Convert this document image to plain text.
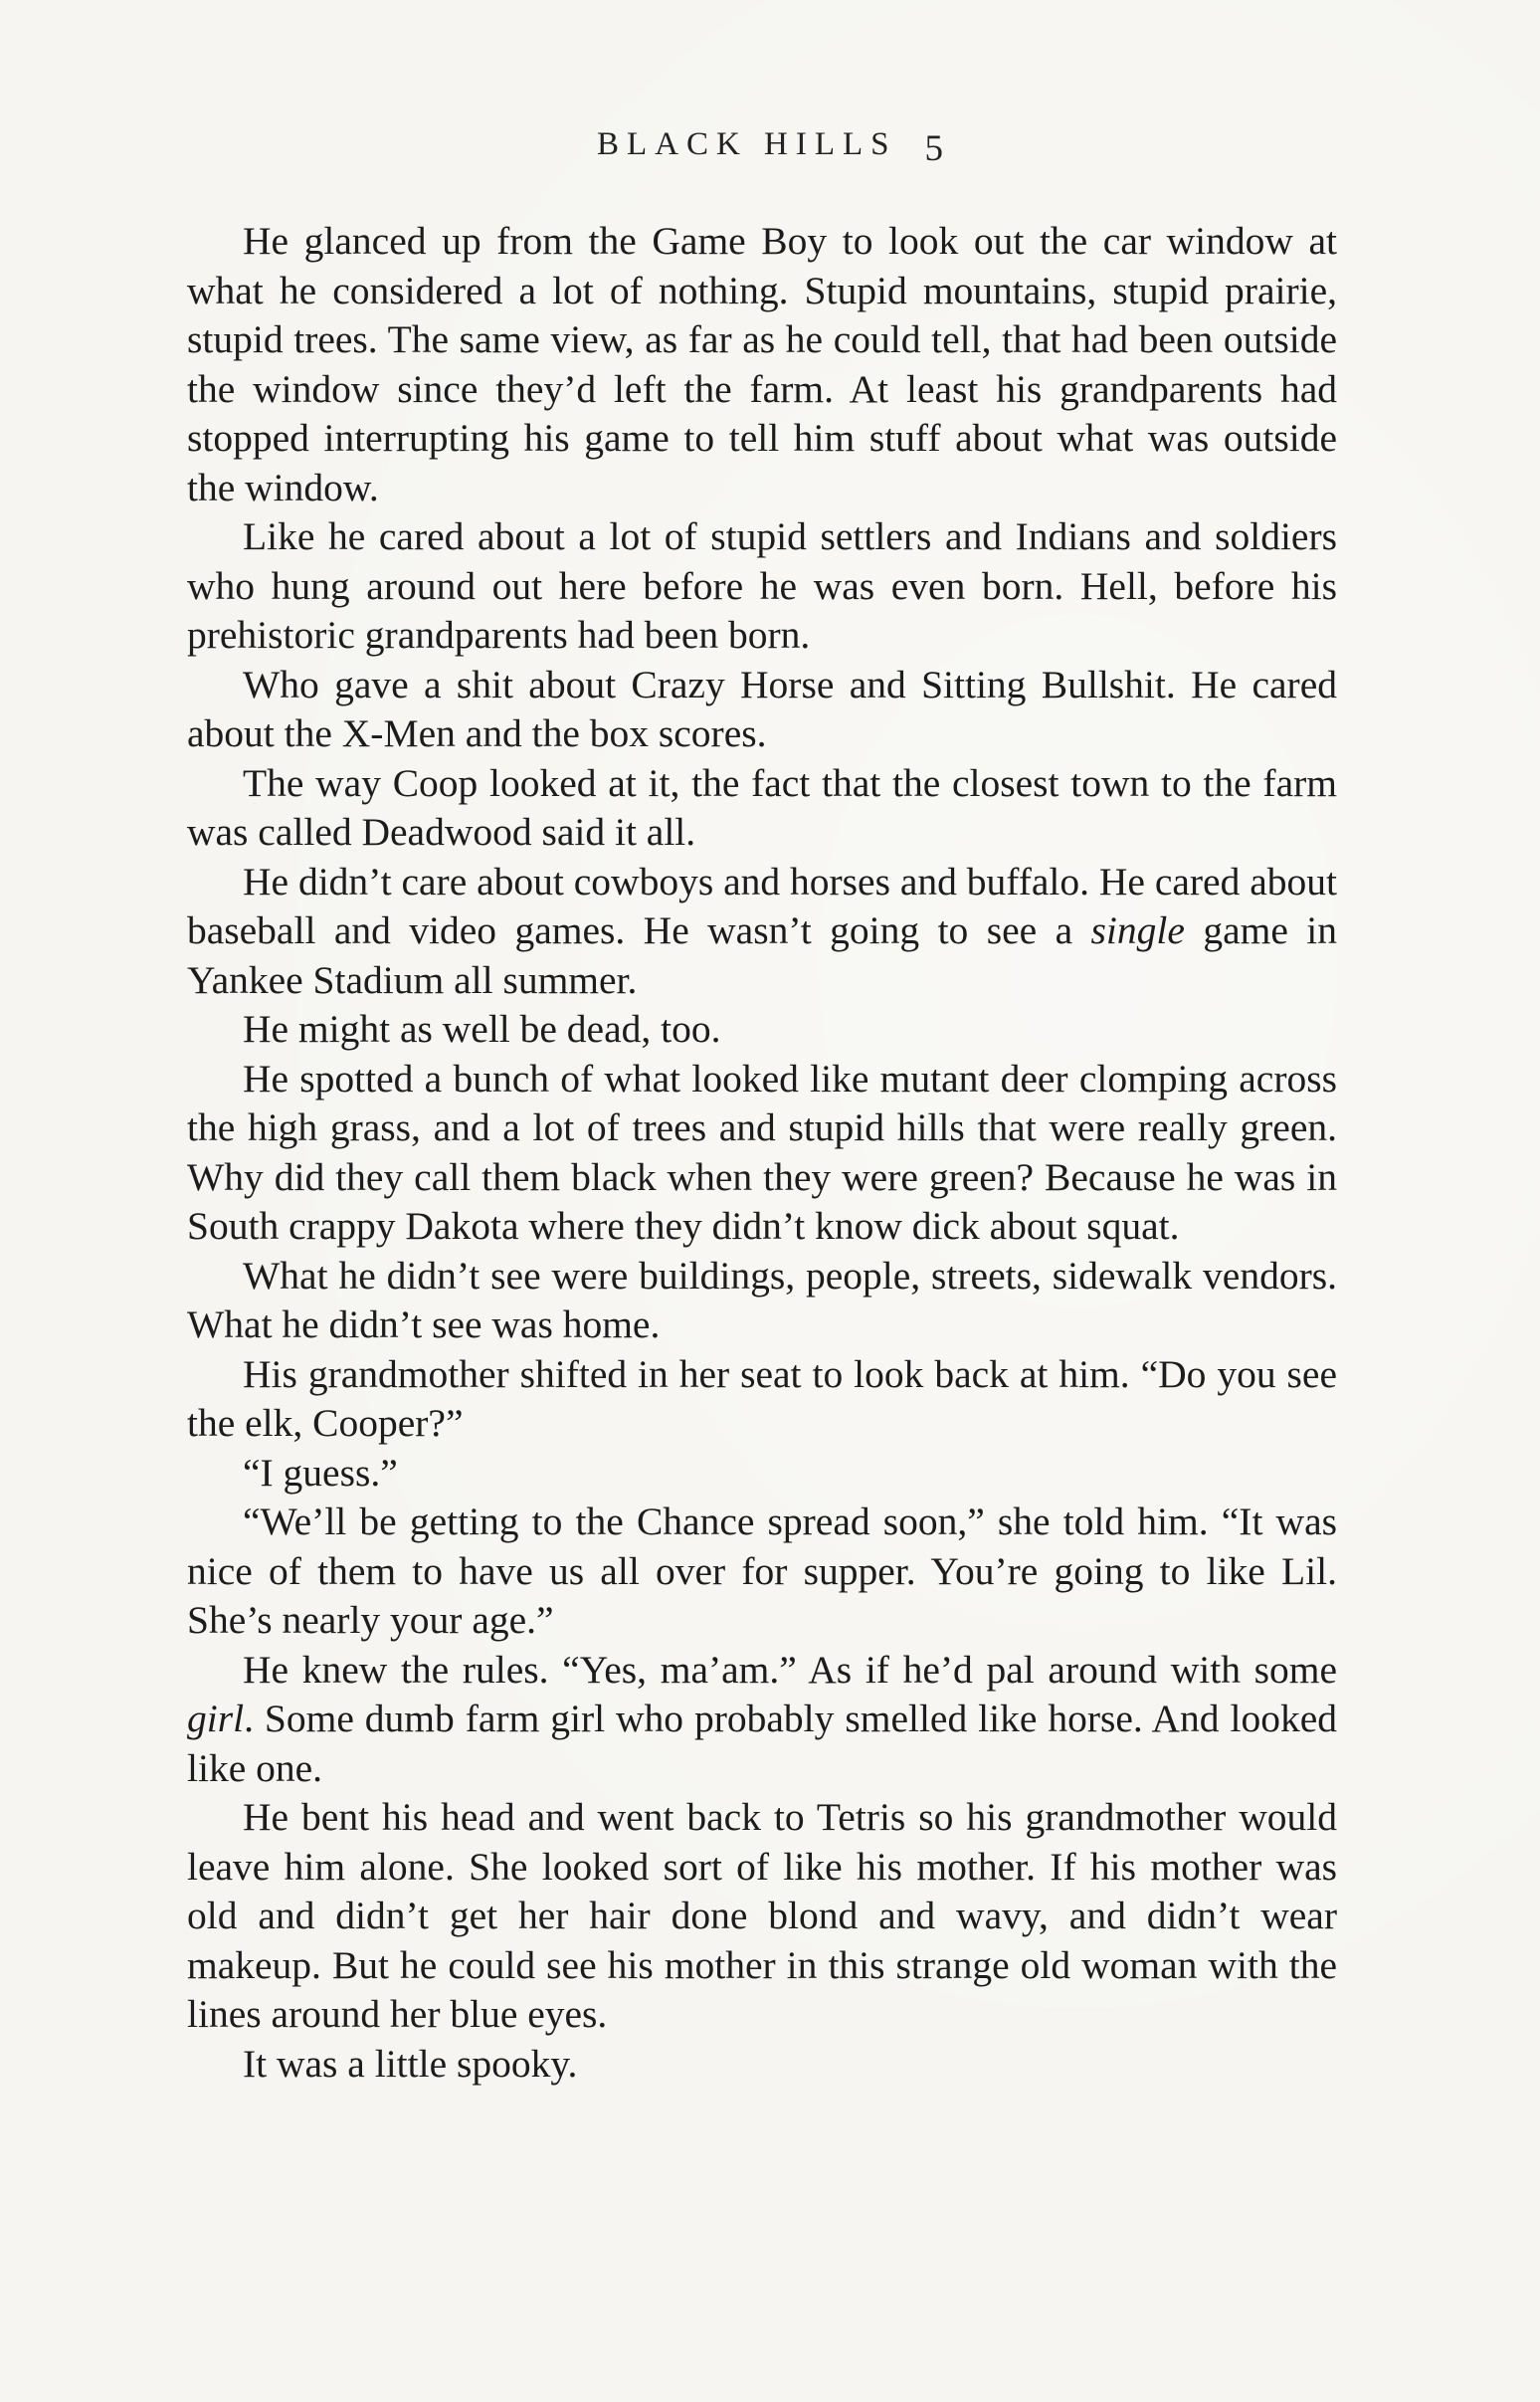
BLACK HILLS 5

He glanced up from the Game Boy to look out the car window at what he considered a lot of nothing. Stupid mountains, stupid prairie, stupid trees. The same view, as far as he could tell, that had been outside the window since they’d left the farm. At least his grandparents had stopped interrupting his game to tell him stuff about what was outside the window.

Like he cared about a lot of stupid settlers and Indians and soldiers who hung around out here before he was even born. Hell, before his prehistoric grandparents had been born.

Who gave a shit about Crazy Horse and Sitting Bullshit. He cared about the X-Men and the box scores.

The way Coop looked at it, the fact that the closest town to the farm was called Deadwood said it all.

He didn’t care about cowboys and horses and buffalo. He cared about baseball and video games. He wasn’t going to see a single game in Yankee Stadium all summer.

He might as well be dead, too.

He spotted a bunch of what looked like mutant deer clomping across the high grass, and a lot of trees and stupid hills that were really green. Why did they call them black when they were green? Because he was in South crappy Dakota where they didn’t know dick about squat.

What he didn’t see were buildings, people, streets, sidewalk vendors. What he didn’t see was home.

His grandmother shifted in her seat to look back at him. “Do you see the elk, Cooper?”

“I guess.”

“We’ll be getting to the Chance spread soon,” she told him. “It was nice of them to have us all over for supper. You’re going to like Lil. She’s nearly your age.”

He knew the rules. “Yes, ma’am.” As if he’d pal around with some girl. Some dumb farm girl who probably smelled like horse. And looked like one.

He bent his head and went back to Tetris so his grandmother would leave him alone. She looked sort of like his mother. If his mother was old and didn’t get her hair done blond and wavy, and didn’t wear makeup. But he could see his mother in this strange old woman with the lines around her blue eyes.

It was a little spooky.
